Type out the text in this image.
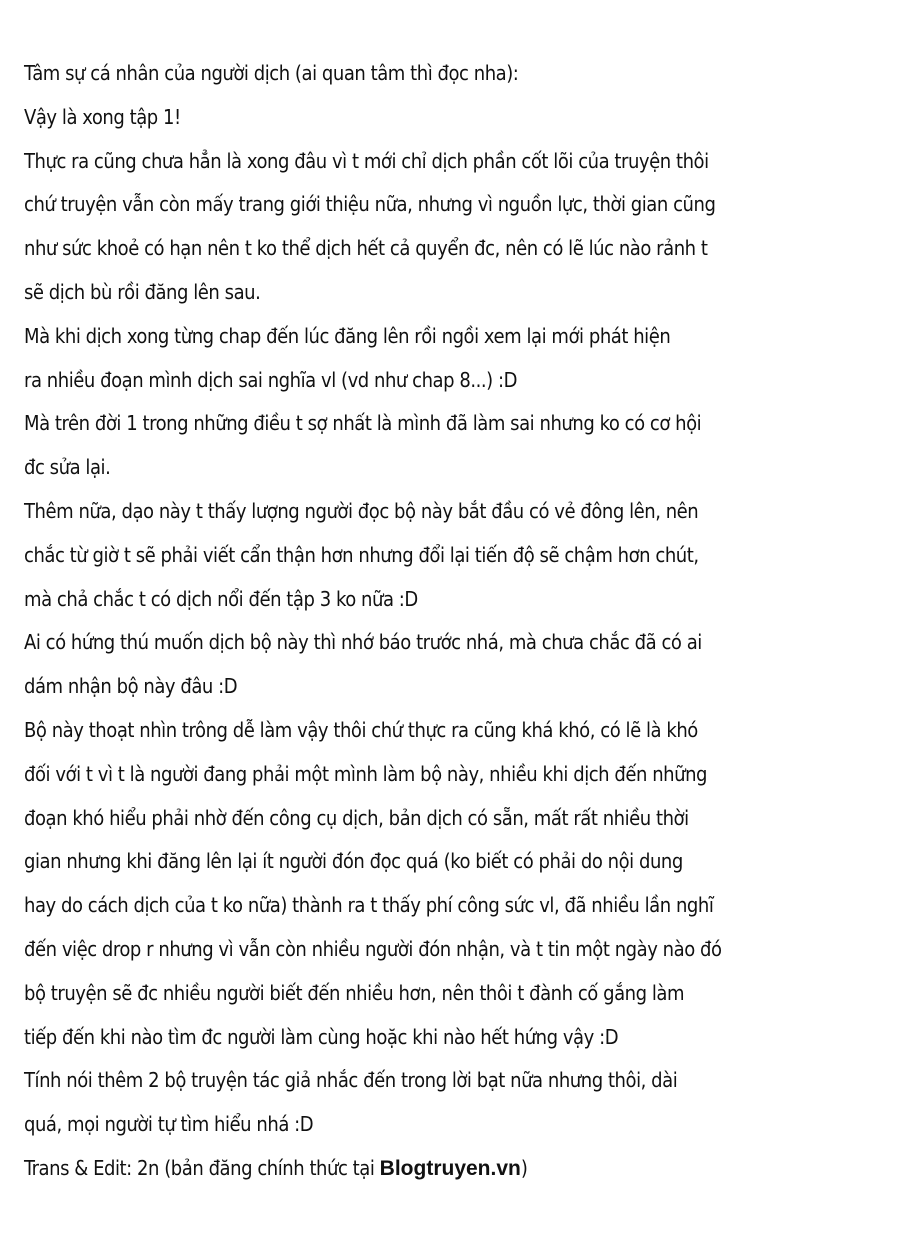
Tâm sự cá nhân của người dịch (ai quan tâm thì đọc nha):
Vậy là xong tập 1!
Thực ra cũng chưa hẳn là xong đâu vì t mới chỉ dịch phần cốt lõi của truyện thôi
chứ truyện vẫn còn mấy trang giới thiệu nữa, nhưng vì nguồn lực, thời gian cũng
như sức khoẻ có hạn nên t ko thể dịch hết cả quyển đc, nên có lẽ lúc nào rảnh t
sẽ dịch bù rồi đăng lên sau.
Mà khi dịch xong từng chap đến lúc đăng lên rồi ngồi xem lại mới phát hiện
ra nhiều đoạn mình dịch sai nghĩa vl (vd như chap 8...) :D
Mà trên đời 1 trong những điều t sợ nhất là mình đã làm sai nhưng ko có cơ hội
đc sửa lại.
Thêm nữa, dạo này t thấy lượng người đọc bộ này bắt đầu có vẻ đông lên, nên
chắc từ giờ t sẽ phải viết cẩn thận hơn nhưng đổi lại tiến độ sẽ chậm hơn chút,
mà chả chắc t có dịch nổi đến tập 3 ko nữa :D
Ai có hứng thú muốn dịch bộ này thì nhớ báo trước nhá, mà chưa chắc đã có ai
dám nhận bộ này đâu :D
Bộ này thoạt nhìn trông dễ làm vậy thôi chứ thực ra cũng khá khó, có lẽ là khó
đối với t vì t là người đang phải một mình làm bộ này, nhiều khi dịch đến những
đoạn khó hiểu phải nhờ đến công cụ dịch, bản dịch có sẵn, mất rất nhiều thời
gian nhưng khi đăng lên lại ít người đón đọc quá (ko biết có phải do nội dung
hay do cách dịch của t ko nữa) thành ra t thấy phí công sức vl, đã nhiều lần nghĩ
đến việc drop r nhưng vì vẫn còn nhiều người đón nhận, và t tin một ngày nào đó
bộ truyện sẽ đc nhiều người biết đến nhiều hơn, nên thôi t đành cố gắng làm
tiếp đến khi nào tìm đc người làm cùng hoặc khi nào hết hứng vậy :D
Tính nói thêm 2 bộ truyện tác giả nhắc đến trong lời bạt nữa nhưng thôi, dài
quá, mọi người tự tìm hiểu nhá :D
Trans & Edit: 2n (bản đăng chính thức tại Blogtruyen.vn)
